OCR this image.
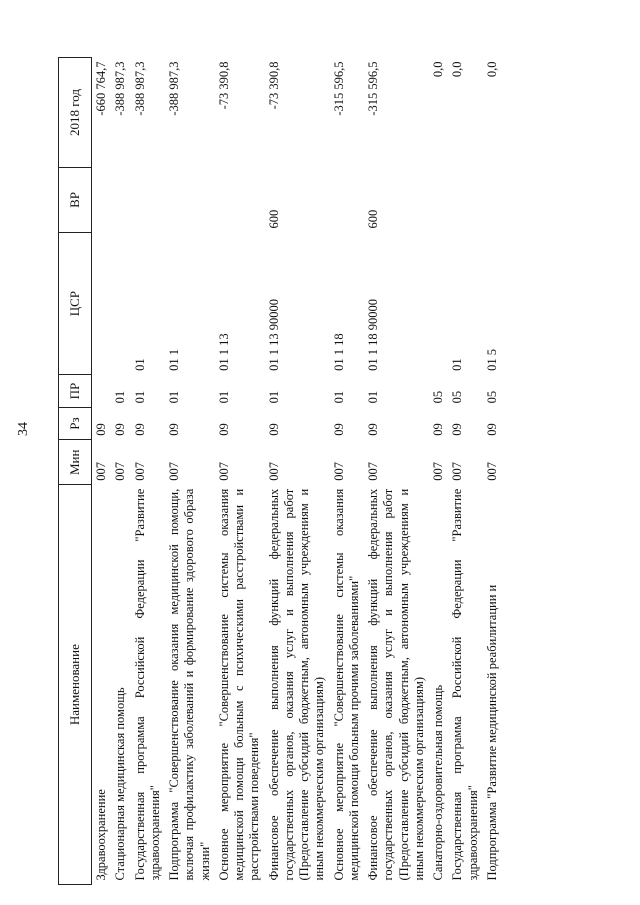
34
Наименование	Мин	Рз	ПР	ЦСР	ВР	2018 год
Здравоохранение	007	09				-660 764,7
Стационарная медицинская помощь	007	09	01			-388 987,3
Государственная программа Российской Федерации "Развитие здравоохранения"	007	09	01	01		-388 987,3
Подпрограмма "Совершенствование оказания медицинской помощи, включая профилактику заболеваний и формирование здорового образа жизни"	007	09	01	01 1		-388 987,3
Основное мероприятие "Совершенствование системы оказания медицинской помощи больным с психическими расстройствами и расстройствами поведения"	007	09	01	01 1 13		-73 390,8
Финансовое обеспечение выполнения функций федеральных государственных органов, оказания услуг и выполнения работ (Предоставление субсидий бюджетным, автономным учреждениям и иным некоммерческим организациям)	007	09	01	01 1 13 90000	600	-73 390,8
Основное мероприятие "Совершенствование системы оказания медицинской помощи больным прочими заболеваниями"	007	09	01	01 1 18		-315 596,5
Финансовое обеспечение выполнения функций федеральных государственных органов, оказания услуг и выполнения работ (Предоставление субсидий бюджетным, автономным учреждениям и иным некоммерческим организациям)	007	09	01	01 1 18 90000	600	-315 596,5
Санаторно-оздоровительная помощь	007	09	05			0,0
Государственная программа Российской Федерации "Развитие здравоохранения"	007	09	05	01		0,0
Подпрограмма "Развитие медицинской реабилитации и	007	09	05	01 5		0,0
